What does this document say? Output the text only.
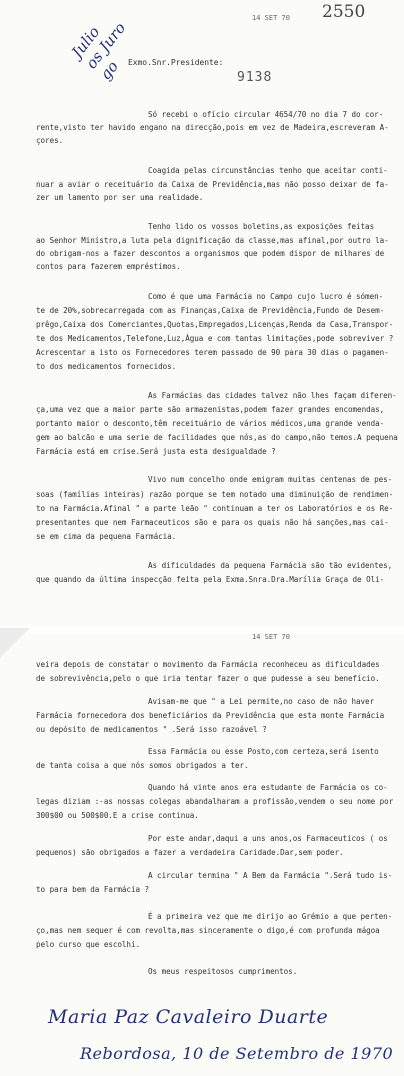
14 SET 70 2550
Julio os Juro go Exmo.Snr.Presidente:
9138
Só recebi o ofício circular 4654/70 no dia 7 do cor-
rente,visto ter havido engano na direcção,pois em vez de Madeira,escreveram A-
çores.
Coagida pelas circunstâncias tenho que aceitar conti-
nuar a aviar o receituário da Caixa de Previdência,mas não posso deixar de fa-
zer um lamento por ser uma realidade.
Tenho lido os vossos boletins,as exposições feitas
ao Senhor Ministro,a luta pela dignificação da classe,mas afinal,por outro la-
do obrigam-nos a fazer descontos a organismos que podem dispor de milhares de
contos para fazerem empréstimos.
Como é que uma Farmácia no Campo cujo lucro é sómen-
te de 20%,sobrecarregada com as Finanças,Caixa de Previdência,Fundo de Desem-
prêgo,Caixa dos Comerciantes,Quotas,Empregados,Licenças,Renda da Casa,Transpor-
te dos Medicamentos,Telefone,Luz,Água e com tantas limitações,pode sobreviver ?
Acrescentar a isto os Fornecedores terem passado de 90 para 30 dias o pagamen-
to dos medicamentos fornecidos.
As Farmácias das cidades talvez não lhes façam diferen-
ça,uma vez que a maior parte são armazenistas,podem fazer grandes encomendas,
portanto maior o desconto,têm receituário de vários médicos,uma grande venda-
gem ao balcão e uma serie de facilidades que nós,as do campo,não temos.A pequena
Farmácia está em crise.Será justa esta desigualdade ?
Vivo num concelho onde emigram muitas centenas de pes-
soas (famílias inteiras) razão porque se tem notado uma diminuição de rendimen-
to na Farmácia.Afinal " a parte leão " continuam a ter os Laboratórios e os Re-
presentantes que nem Farmaceuticos são e para os quais não há sanções,mas cai-
se em cima da pequena Farmácia.
As dificuldades da pequena Farmácia são tão evidentes,
que quando da última inspecção feita pela Exma.Snra.Dra.Marília Graça de Oli-
14 SET 70
veira depois de constatar o movimento da Farmácia reconheceu as dificuldades
de sobrevivência,pelo o que iria tentar fazer o que pudesse a seu benefício.
Avisam-me que " a Lei permite,no caso de não haver
Farmácia fornecedora dos beneficiários da Previdência que esta monte Farmácia
ou depósito de medicamentos " .Será isso razoável ?
Essa Farmácia ou esse Posto,com certeza,será isento
de tanta coisa a que nós somos obrigados a ter.
Quando há vinte anos era estudante de Farmácia os co-
legas diziam :-as nossas colegas abandalharam a profissão,vendem o seu nome por
300$00 ou 500$00.E a crise continua.
Por este andar,daqui a uns anos,os Farmaceuticos ( os
pequenos) são obrigados a fazer a verdadeira Caridade.Dar,sem poder.
A circular termina " A Bem da Farmácia ".Será tudo is-
to para bem da Farmácia ?
É a primeira vez que me dirijo ao Grémio a que perten-
ço,mas nem sequer é com revolta,mas sinceramente o digo,é com profunda mágoa
pelo curso que escolhi.
Os meus respeitosos cumprimentos.
Maria Paz Cavaleiro Duarte
Rebordosa, 10 de Setembro de 1970
